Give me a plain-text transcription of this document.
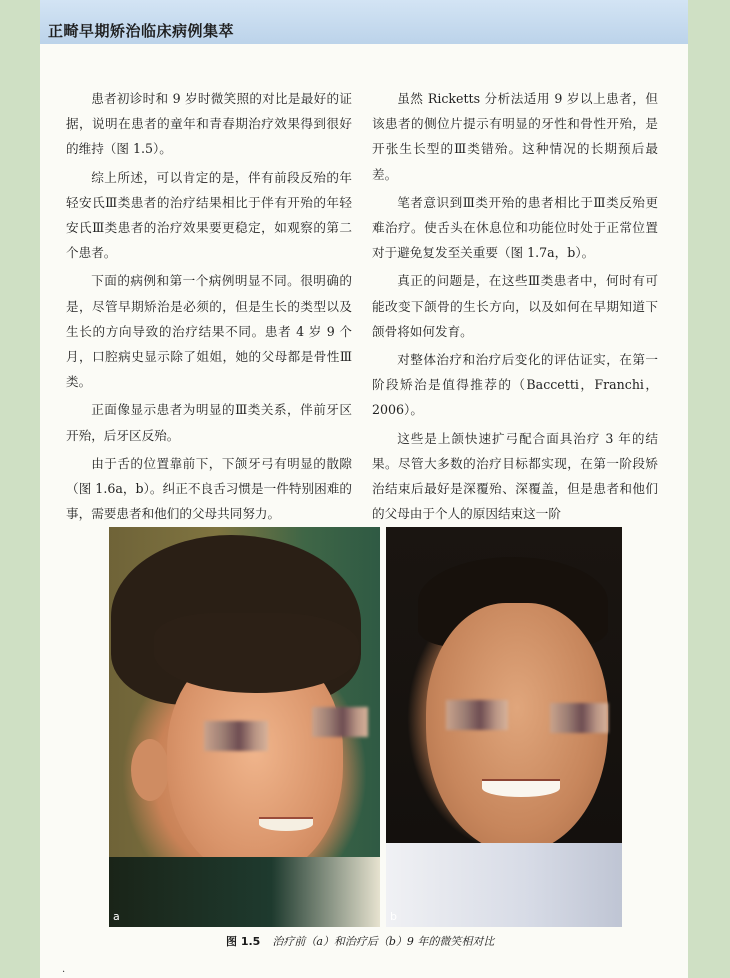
正畸早期矫治临床病例集萃

患者初诊时和 9 岁时微笑照的对比是最好的证据，说明在患者的童年和青春期治疗效果得到很好的维持（图 1.5）。

综上所述，可以肯定的是，伴有前段反殆的年轻安氏Ⅲ类患者的治疗结果相比于伴有开殆的年轻安氏Ⅲ类患者的治疗效果要更稳定，如观察的第二个患者。

下面的病例和第一个病例明显不同。很明确的是，尽管早期矫治是必须的，但是生长的类型以及生长的方向导致的治疗结果不同。患者 4 岁 9 个月，口腔病史显示除了姐姐，她的父母都是骨性Ⅲ类。

正面像显示患者为明显的Ⅲ类关系，伴前牙区开殆，后牙区反殆。

由于舌的位置靠前下，下颌牙弓有明显的散隙（图 1.6a，b）。纠正不良舌习惯是一件特别困难的事，需要患者和他们的父母共同努力。

虽然 Ricketts 分析法适用 9 岁以上患者，但该患者的侧位片提示有明显的牙性和骨性开殆，是开张生长型的Ⅲ类错殆。这种情况的长期预后最差。

笔者意识到Ⅲ类开殆的患者相比于Ⅲ类反殆更难治疗。使舌头在休息位和功能位时处于正常位置对于避免复发至关重要（图 1.7a，b）。

真正的问题是，在这些Ⅲ类患者中，何时有可能改变下颌骨的生长方向，以及如何在早期知道下颌骨将如何发育。

对整体治疗和治疗后变化的评估证实，在第一阶段矫治是值得推荐的（Baccetti，Franchi，2006）。

这些是上颌快速扩弓配合面具治疗 3 年的结果。尽管大多数的治疗目标都实现，在第一阶段矫治结束后最好是深覆殆、深覆盖，但是患者和他们的父母由于个人的原因结束这一阶

a	b
图 1.5 治疗前（a）和治疗后（b）9 年的微笑相对比
.
